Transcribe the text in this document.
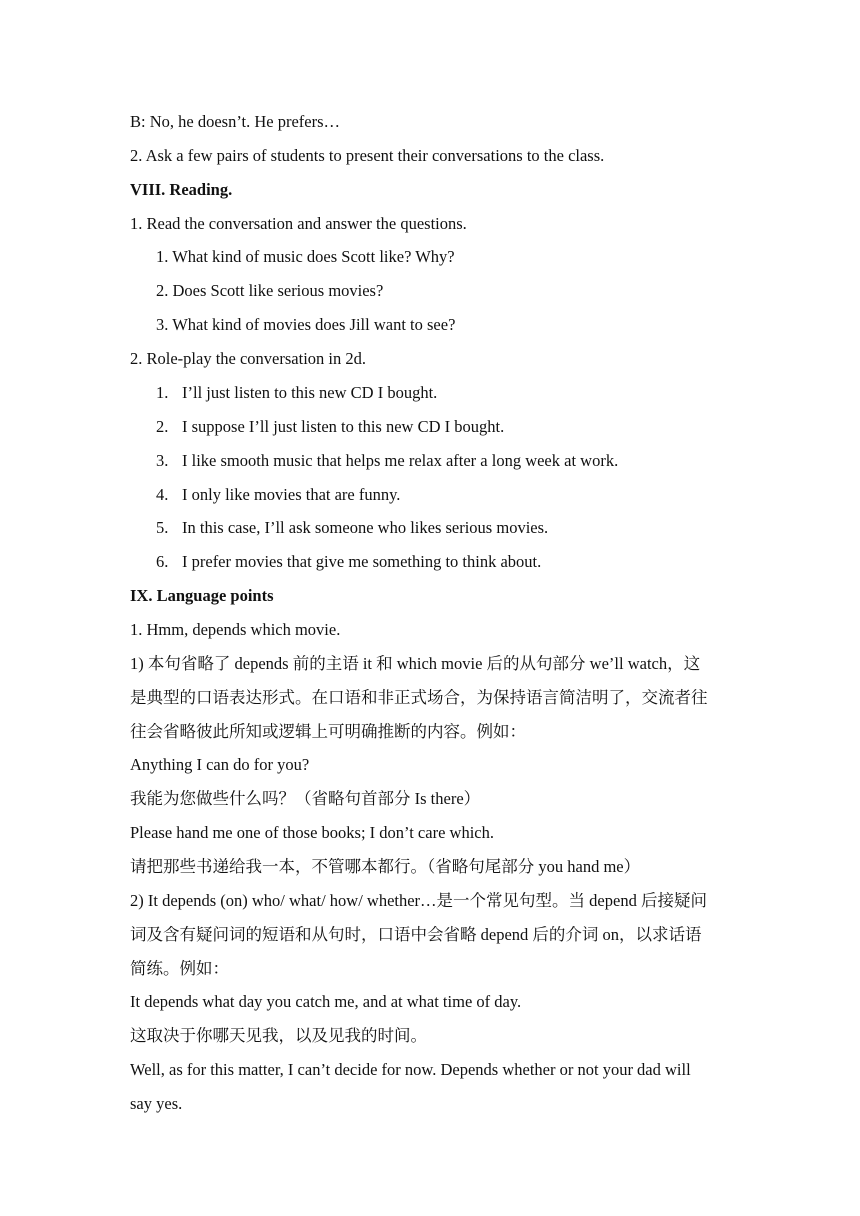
B: No, he doesn’t. He prefers…
2. Ask a few pairs of students to present their conversations to the class.
VIII. Reading.
1. Read the conversation and answer the questions.
1. What kind of music does Scott like? Why?
2. Does Scott like serious movies?
3. What kind of movies does Jill want to see?
2. Role-play the conversation in 2d.
1. I’ll just listen to this new CD I bought.
2. I suppose I’ll just listen to this new CD I bought.
3. I like smooth music that helps me relax after a long week at work.
4. I only like movies that are funny.
5. In this case, I’ll ask someone who likes serious movies.
6. I prefer movies that give me something to think about.
IX. Language points
1. Hmm, depends which movie.
1) 本句省略了 depends 前的主语 it 和 which movie 后的从句部分 we’ll watch，这
是典型的口语表达形式。在口语和非正式场合，为保持语言简洁明了，交流者往
往会省略彼此所知或逻辑上可明确推断的内容。例如：
Anything I can do for you?
我能为您做些什么吗？（省略句首部分 Is there）
Please hand me one of those books; I don’t care which.
请把那些书递给我一本，不管哪本都行。（省略句尾部分 you hand me）
2) It depends (on) who/ what/ how/ whether…是一个常见句型。当 depend 后接疑问
词及含有疑问词的短语和从句时，口语中会省略 depend 后的介词 on，以求话语
简练。例如：
It depends what day you catch me, and at what time of day.
这取决于你哪天见我，以及见我的时间。
Well, as for this matter, I can’t decide for now. Depends whether or not your dad will
say yes.
